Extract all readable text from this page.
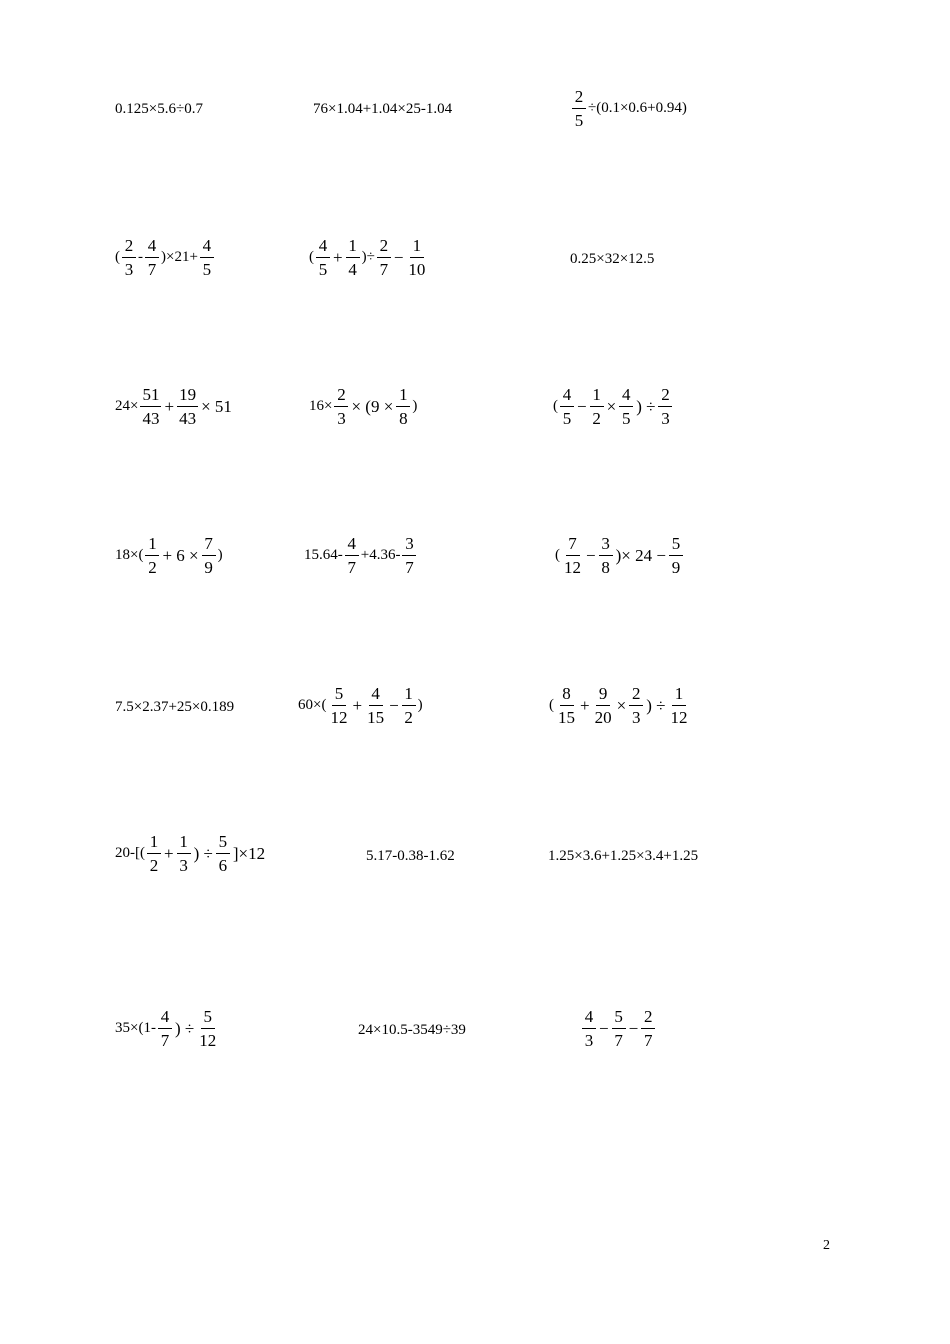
0.125×5.6÷0.7	76×1.04+1.04×25-1.04	$\frac{2}{5} \div(0.1\times 0.6+0.94)$
( $\frac{2}{3} - \frac{4}{7} )\times 21+ \frac{4}{5}$	( $\frac{4}{5} + \frac{1}{4}$ )÷ $\frac{2}{7} - \frac{1}{10}$	0.25×32×12.5
$24\times \frac{51}{43} + \frac{19}{43} \times 51$	$16\times \frac{2}{3} \times (9 \times \frac{1}{8}$ )	( $\frac{4}{5} - \frac{1}{2} \times \frac{4}{5}$ ) ÷ $\frac{2}{3}$
$18\times( \frac{1}{2} + 6 \times \frac{7}{9}$ )	$15.64- \frac{4}{7} +4.36- \frac{3}{7}$	( $\frac{7}{12} - \frac{3}{8}$ )× $24 - \frac{5}{9}$
7.5×2.37+25×0.189	$60\times( \frac{5}{12} + \frac{4}{15} - \frac{1}{2}$ )	( $\frac{8}{15} + \frac{9}{20} \times \frac{2}{3}$ ) ÷ $\frac{1}{12}$
$20-[( \frac{1}{2} + \frac{1}{3}$ ) ÷ $\frac{5}{6} ]\times 12$	5.17-0.38-1.62	1.25×3.6+1.25×3.4+1.25
$35\times(1- \frac{4}{7}$ ) ÷ $\frac{5}{12}$	24×10.5-3549÷39	$\frac{4}{3} - \frac{5}{7} - \frac{2}{7}$
2
